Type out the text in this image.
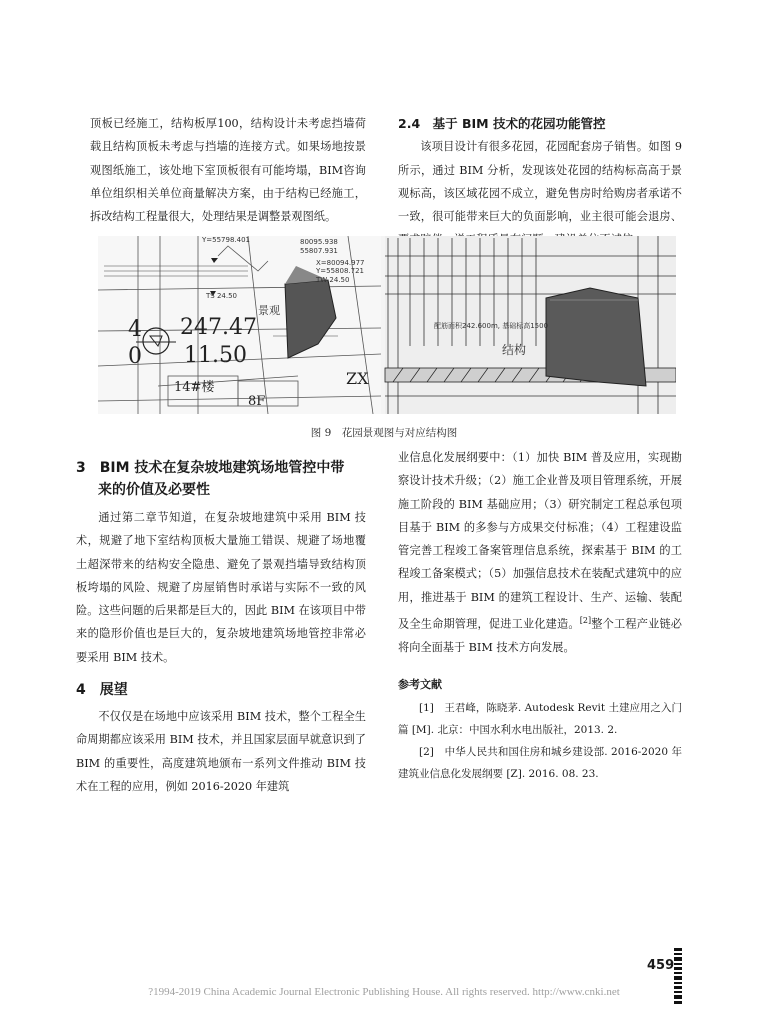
顶板已经施工，结构板厚100，结构设计未考虑挡墙荷载且结构顶板未考虑与挡墙的连接方式。如果场地按景观图纸施工，该处地下室顶板很有可能垮塌，BIM咨询单位组织相关单位商量解决方案，由于结构已经施工，拆改结构工程量很大，处理结果是调整景观图纸。

2.4　基于 BIM 技术的花园功能管控

该项目设计有很多花园，花园配套房子销售。如图 9 所示，通过 BIM 分析，发现该处花园的结构标高高于景观标高，该区域花园不成立，避免售房时给购房者承诺不一致，很可能带来巨大的负面影响，业主很可能会退房、

Y=55798.401	80095.938
55807.931
X=80094.977
Y=55808.721
TS 24.50
TW 24.50
景观
4 247.47
0 11.50
14#楼
8F
ZX
配筋面积242.600m, 基础标高1500
结构
图 9　花园景观图与对应结构图

3　BIM 技术在复杂坡地建筑场地管控中带

来的价值及必要性

通过第二章节知道，在复杂坡地建筑中采用 BIM 技术，规避了地下室结构顶板大量施工错误、规避了场地覆土超深带来的结构安全隐患、避免了景观挡墙导致结构顶板垮塌的风险、规避了房屋销售时承诺与实际不一致的风险。这些问题的后果都是巨大的，因此 BIM 在该项目中带来的隐形价值也是巨大的，复杂坡地建筑场地管控非常必要采用 BIM 技术。

4　展望

不仅仅是在场地中应该采用 BIM 技术，整个工程全生命周期都应该采用 BIM 技术，并且国家层面早就意识到了 BIM 的重要性，高度建筑地颁布一系列文件推动 BIM 技术在工程的应用，例如 2016-2020 年建筑

业信息化发展纲要中：（1）加快 BIM 普及应用，实现勘察设计技术升级；（2）施工企业普及项目管理系统，开展施工阶段的 BIM 基础应用；（3）研究制定工程总承包项目基于 BIM 的多参与方成果交付标准；（4）工程建设监管完善工程竣工备案管理信息系统，探索基于 BIM 的工程竣工备案模式；（5）加强信息技术在装配式建筑中的应用，推进基于 BIM 的建筑工程设计、生产、运输、装配及全生命期管理，促进工业化建造。[2]整个工程产业链必将向全面基于 BIM 技术方向发展。

参考文献

[1]　 王君峰，陈晓茅. Autodesk Revit 土建应用之入门篇 [M]. 北京：中国水利水电出版社，2013. 2.

[2]　 中华人民共和国住房和城乡建设部. 2016-2020 年建筑业信息化发展纲要 [Z]. 2016. 08. 23.

459
?1994-2019 China Academic Journal Electronic Publishing House. All rights reserved. http://www.cnki.net
